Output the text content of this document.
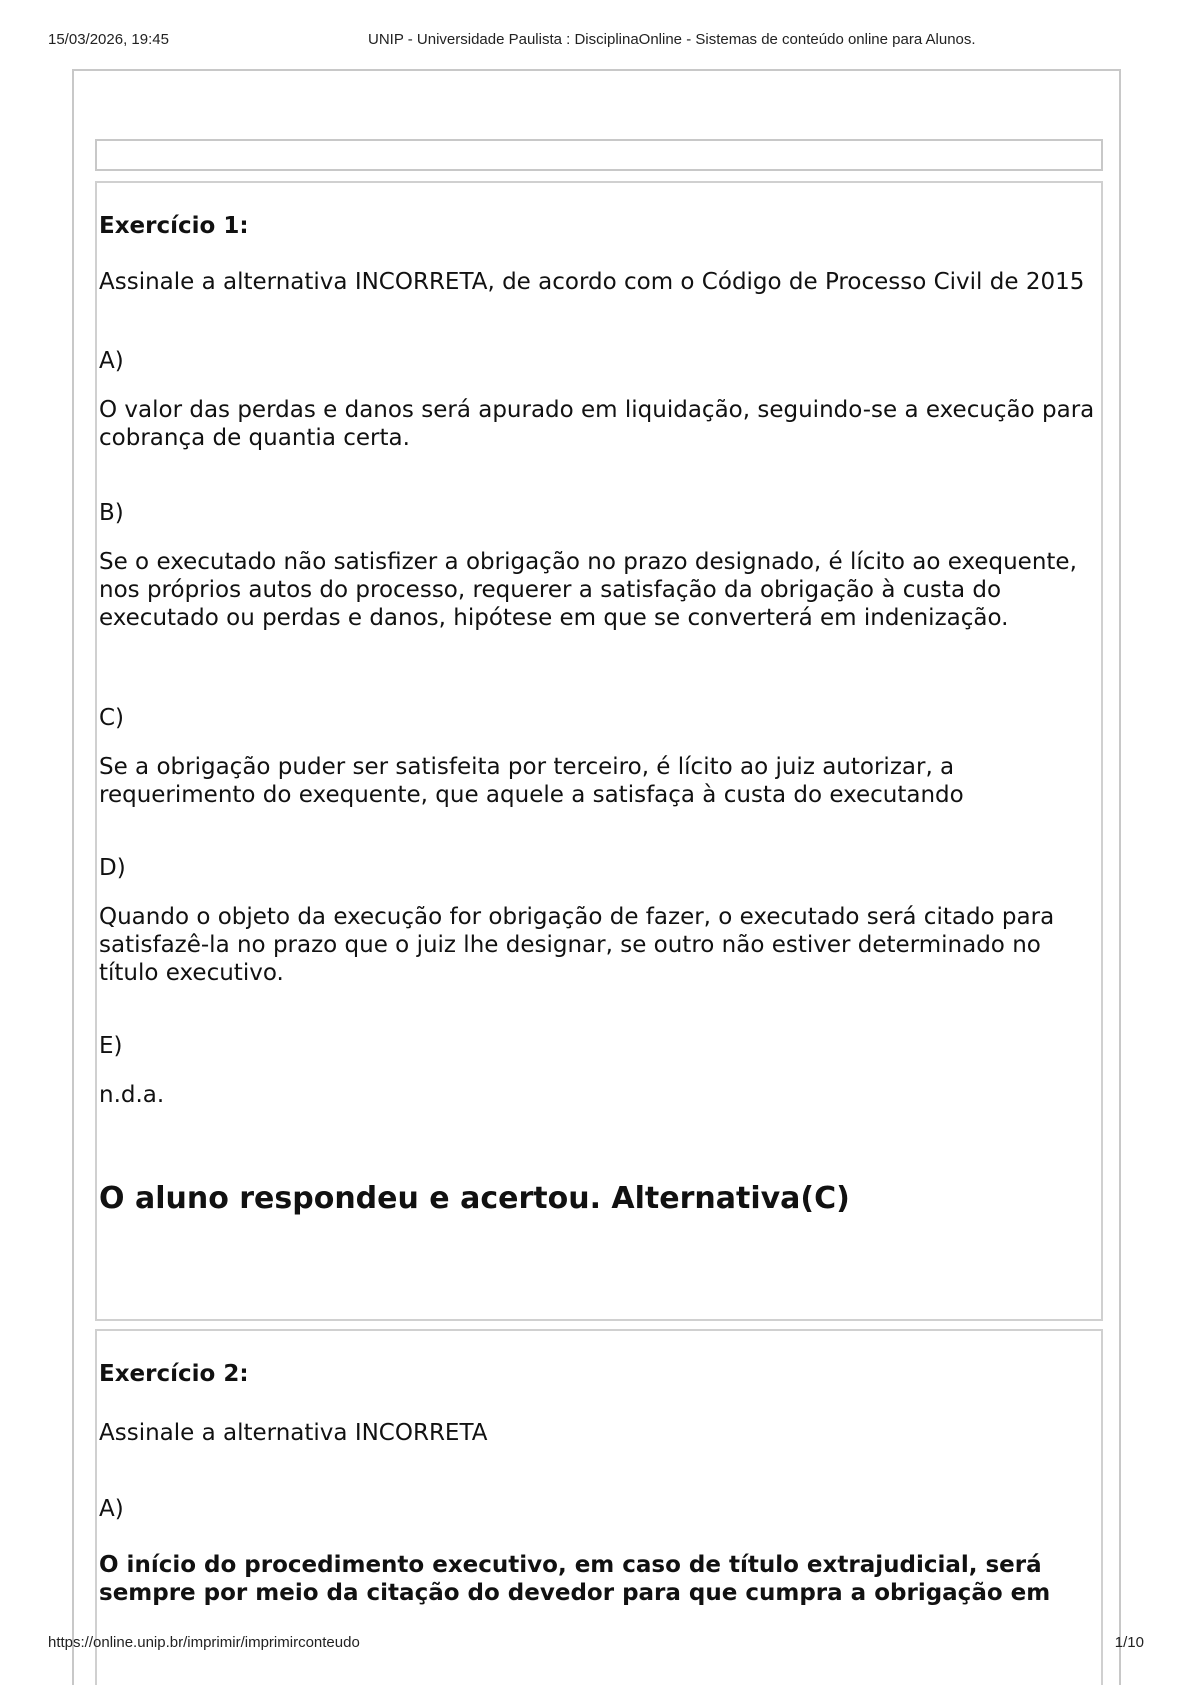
15/03/2026, 19:45	UNIP - Universidade Paulista : DisciplinaOnline - Sistemas de conteúdo online para Alunos.

Exercício 1:

Assinale a alternativa INCORRETA, de acordo com o Código de Processo Civil de 2015

A)

O valor das perdas e danos será apurado em liquidação, seguindo-se a execução para cobrança de quantia certa.

B)

Se o executado não satisfizer a obrigação no prazo designado, é lícito ao exequente, nos próprios autos do processo, requerer a satisfação da obrigação à custa do executado ou perdas e danos, hipótese em que se converterá em indenização.

C)

Se a obrigação puder ser satisfeita por terceiro, é lícito ao juiz autorizar, a requerimento do exequente, que aquele a satisfaça à custa do executando

D)

Quando o objeto da execução for obrigação de fazer, o executado será citado para satisfazê-la no prazo que o juiz lhe designar, se outro não estiver determinado no título executivo.

E)

n.d.a.

O aluno respondeu e acertou. Alternativa(C)

Exercício 2:

Assinale a alternativa INCORRETA

A)

O início do procedimento executivo, em caso de título extrajudicial, será sempre por meio da citação do devedor para que cumpra a obrigação em

https://online.unip.br/imprimir/imprimirconteudo	1/10
